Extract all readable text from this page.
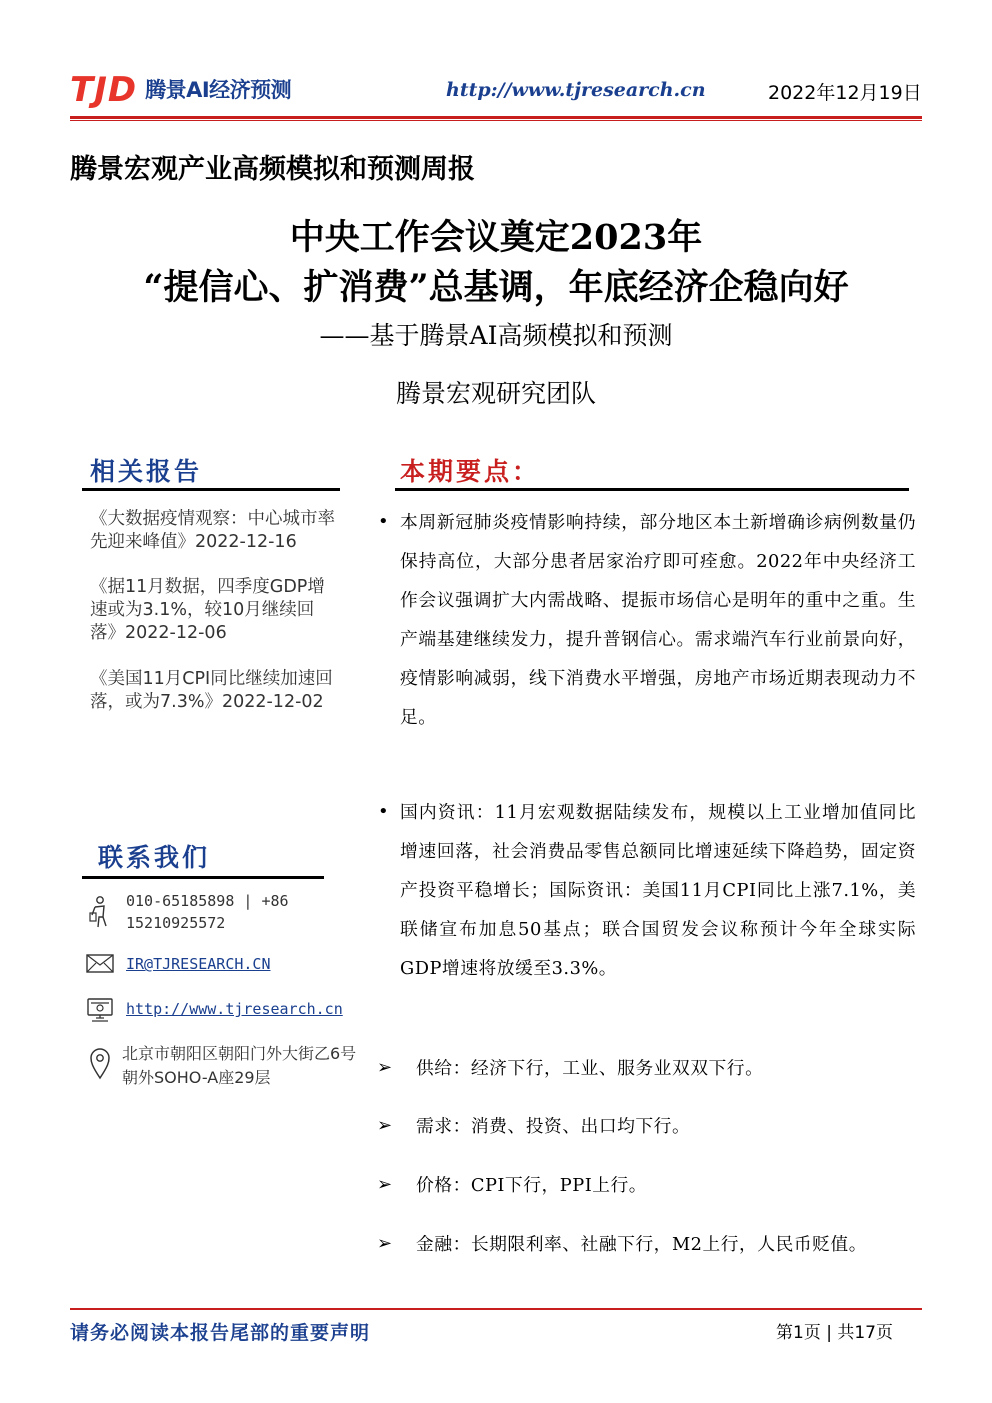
TJD 腾景AI经济预测	http://www.tjresearch.cn	2022年12月19日
腾景宏观产业高频模拟和预测周报
中央工作会议奠定2023年
“提信心、扩消费”总基调，年底经济企稳向好
——基于腾景AI高频模拟和预测
腾景宏观研究团队
相关报告
《大数据疫情观察：中心城市率先迎来峰值》2022-12-16
《据11月数据，四季度GDP增速或为3.1%，较10月继续回落》2022-12-06
《美国11月CPI同比继续加速回落，或为7.3%》2022-12-02
联系我们
010-65185898 | +86 15210925572
IR@TJRESEARCH.CN
http://www.tjresearch.cn
北京市朝阳区朝阳门外大街乙6号朝外SOHO-A座29层
本期要点：
• 本周新冠肺炎疫情影响持续，部分地区本土新增确诊病例数量仍保持高位，大部分患者居家治疗即可痊愈。2022年中央经济工作会议强调扩大内需战略、提振市场信心是明年的重中之重。生产端基建继续发力，提升普钢信心。需求端汽车行业前景向好，疫情影响减弱，线下消费水平增强，房地产市场近期表现动力不足。
• 国内资讯：11月宏观数据陆续发布，规模以上工业增加值同比增速回落，社会消费品零售总额同比增速延续下降趋势，固定资产投资平稳增长；国际资讯：美国11月CPI同比上涨7.1%，美联储宣布加息50基点；联合国贸发会议称预计今年全球实际GDP增速将放缓至3.3%。
➢ 供给：经济下行，工业、服务业双双下行。
➢ 需求：消费、投资、出口均下行。
➢ 价格：CPI下行，PPI上行。
➢ 金融：长期限利率、社融下行，M2上行，人民币贬值。
请务必阅读本报告尾部的重要声明	第1页 | 共17页
